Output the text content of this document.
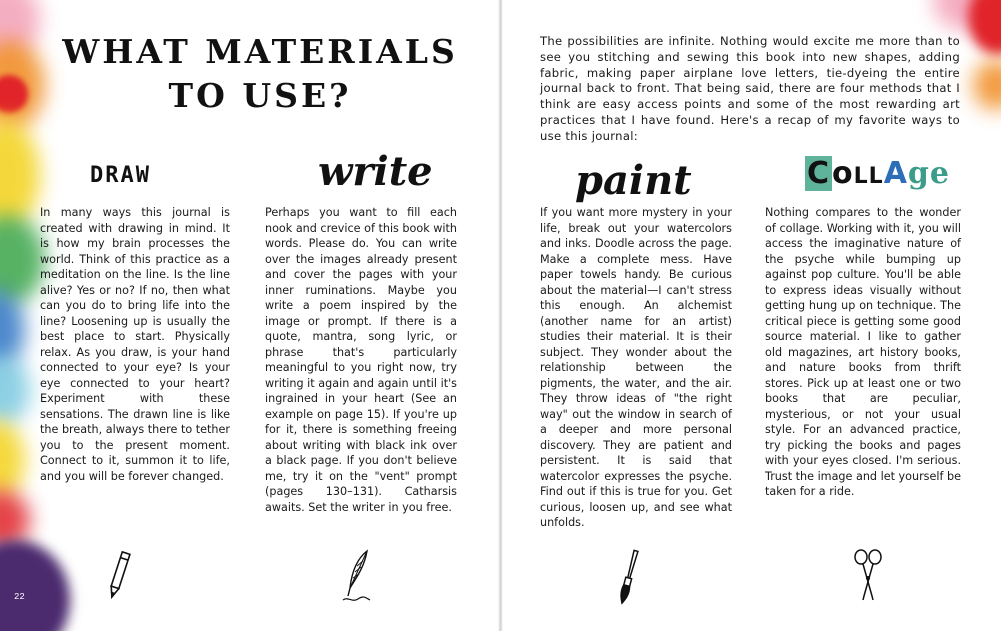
WHAT MATERIALS TO USE?
DRAW	write

In many ways this journal is created with drawing in mind. It is how my brain processes the world. Think of this practice as a meditation on the line. Is the line alive? Yes or no? If no, then what can you do to bring life into the line? Loosening up is usually the best place to start. Physically relax. As you draw, is your hand connected to your eye? Is your eye connected to your heart? Experiment with these sensations. The drawn line is like the breath, always there to tether you to the present moment. Connect to it, summon it to life, and you will be forever changed.

Perhaps you want to fill each nook and crevice of this book with words. Please do. You can write over the images already present and cover the pages with your inner ruminations. Maybe you write a poem inspired by the image or prompt. If there is a quote, mantra, song lyric, or phrase that's particularly meaningful to you right now, try writing it again and again until it's ingrained in your heart (See an example on page 15). If you're up for it, there is something freeing about writing with black ink over a black page. If you don't believe me, try it on the "vent" prompt (pages 130–131). Catharsis awaits. Set the writer in you free.

22

The possibilities are infinite. Nothing would excite me more than to see you stitching and sewing this book into new shapes, adding fabric, making paper airplane love letters, tie-dyeing the entire journal back to front. That being said, there are four methods that I think are easy access points and some of the most rewarding art practices that I have found. Here's a recap of my favorite ways to use this journal:

paint	CoLLAge

If you want more mystery in your life, break out your watercolors and inks. Doodle across the page. Make a complete mess. Have paper towels handy. Be curious about the material—I can't stress this enough. An alchemist (another name for an artist) studies their material. It is their subject. They wonder about the relationship between the pigments, the water, and the air. They throw ideas of "the right way" out the window in search of a deeper and more personal discovery. They are patient and persistent. It is said that watercolor expresses the psyche. Find out if this is true for you. Get curious, loosen up, and see what unfolds.

Nothing compares to the wonder of collage. Working with it, you will access the imaginative nature of the psyche while bumping up against pop culture. You'll be able to express ideas visually without getting hung up on technique. The critical piece is getting some good source material. I like to gather old magazines, art history books, and nature books from thrift stores. Pick up at least one or two books that are peculiar, mysterious, or not your usual style. For an advanced practice, try picking the books and pages with your eyes closed. I'm serious. Trust the image and let yourself be taken for a ride.
